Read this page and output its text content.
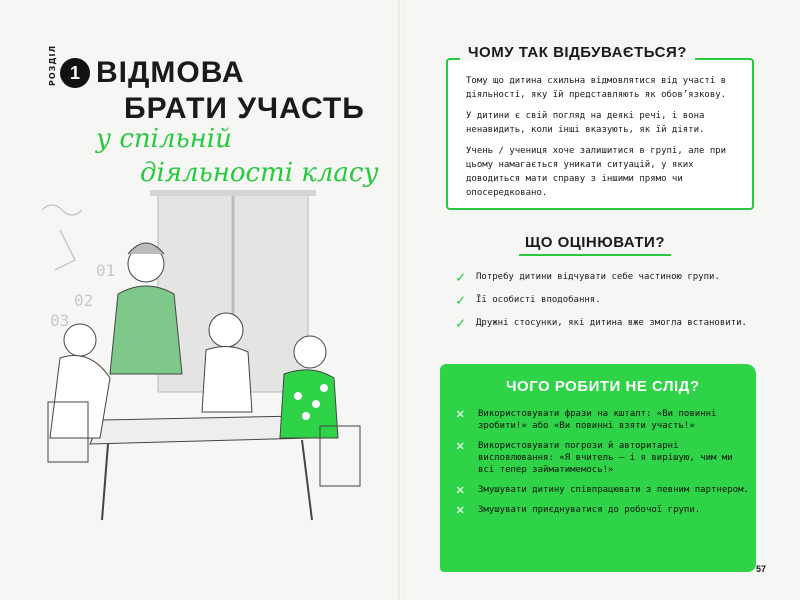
РОЗДІЛ 1 ВІДМОВА
БРАТИ УЧАСТЬ
у спільній
діяльності класу
01
02
03
ЧОМУ ТАК ВІДБУВАЄТЬСЯ?

Тому що дитина схильна відмовлятися від участі в діяльності, яку їй представляють як обов’язкову.

У дитини є свій погляд на деякі речі, і вона ненавидить, коли інші вказують, як їй діяти.

Учень / учениця хоче залишитися в групі, але при цьому намагається уникати ситуацій, у яких доводиться мати справу з іншими прямо чи опосередковано.

ЩО ОЦІНЮВАТИ?
✓	Потребу дитини відчувати себе частиною групи.
✓	Її особисті вподобання.
✓	Дружні стосунки, які дитина вже змогла встановити.
ЧОГО РОБИТИ НЕ СЛІД?
✕	Використовувати фрази на кшталт: «Ви повинні зробити!» або «Ви повинні взяти участь!»
✕	Використовувати погрози й авторитарні висловлювання: «Я вчитель — і я вирішую, чим ми всі тепер займатимемось!»
✕	Змушувати дитину співпрацювати з певним партнером.
✕	Змушувати приєднуватися до робочої групи.
57
